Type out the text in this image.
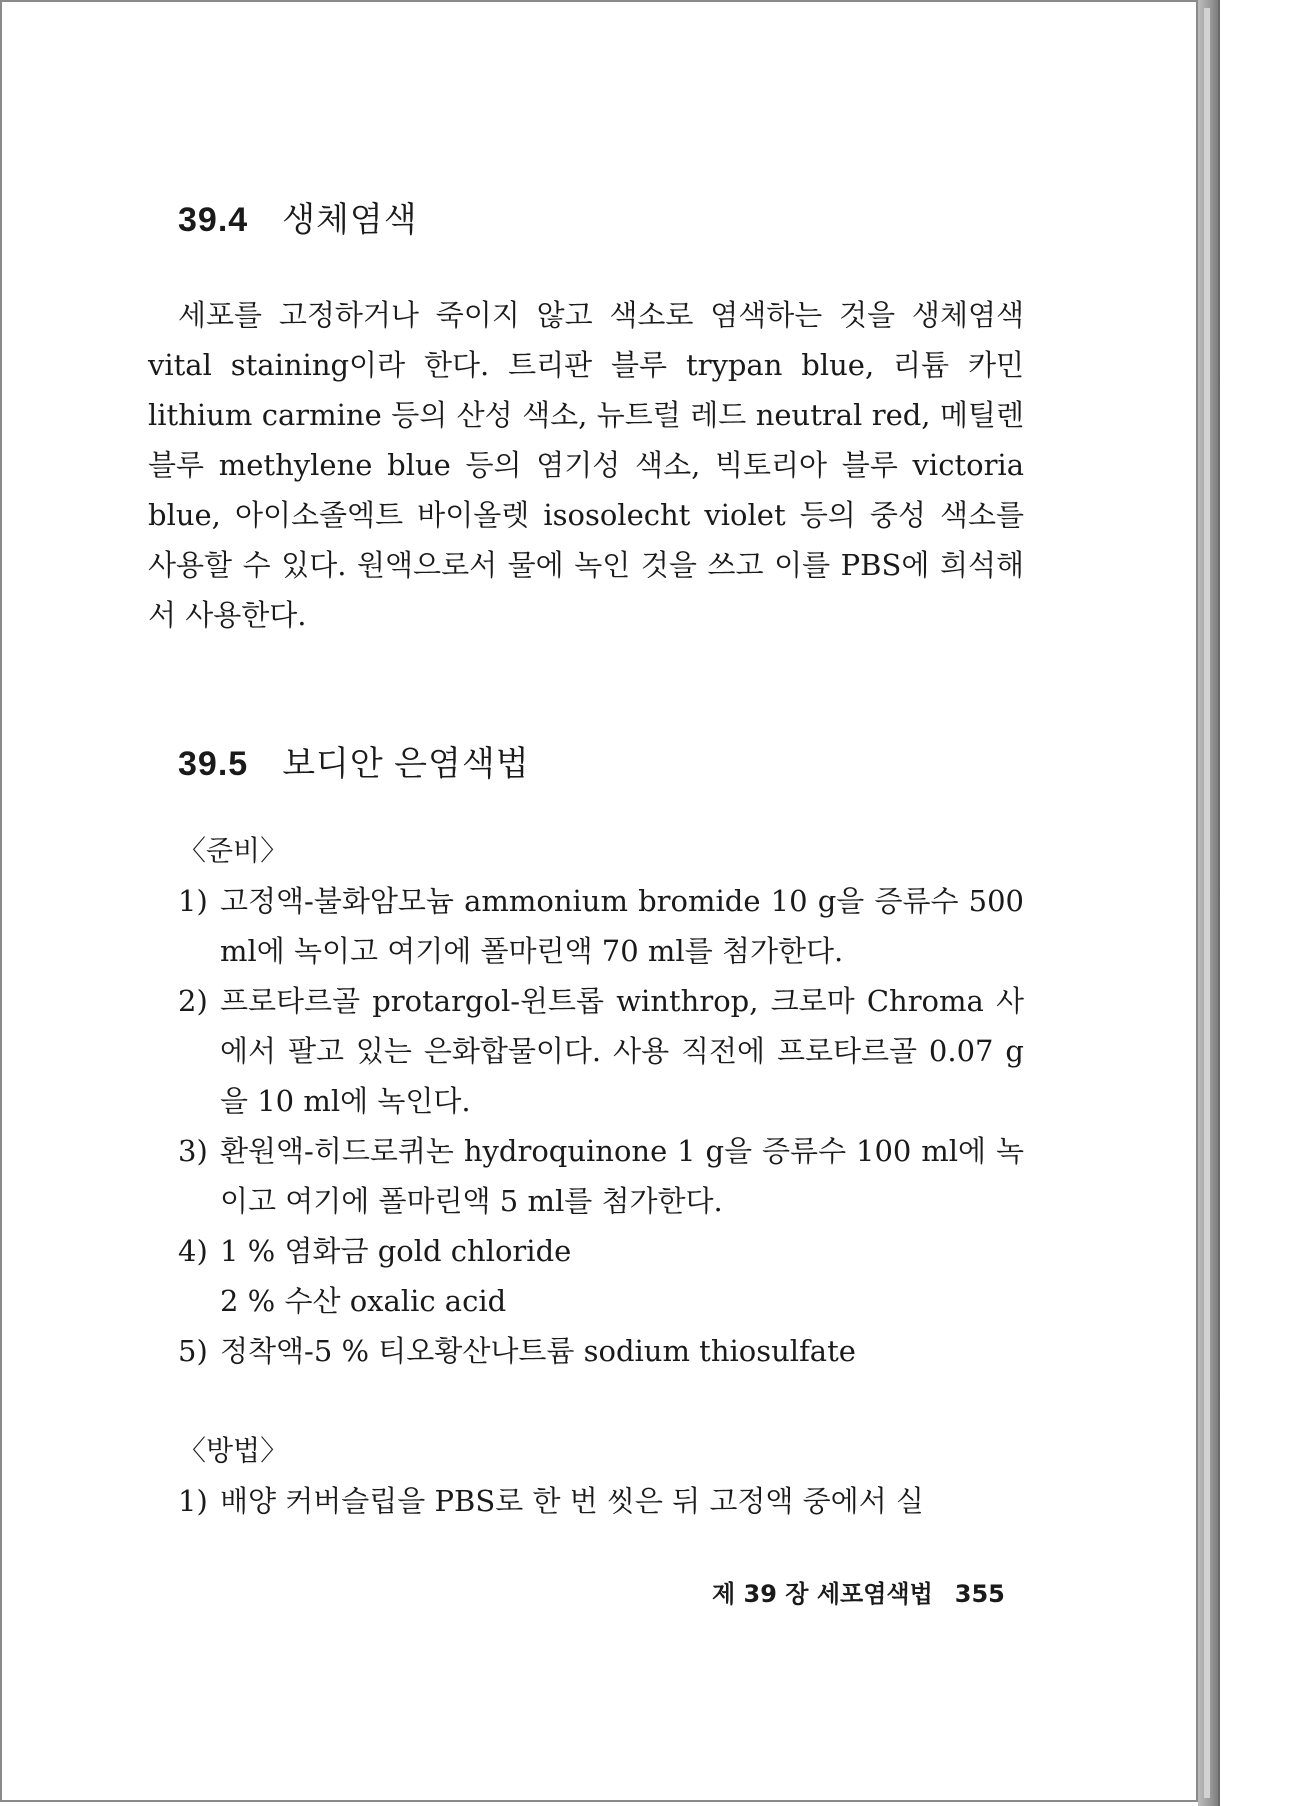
39.4 생체염색

세포를 고정하거나 죽이지 않고 색소로 염색하는 것을 생체염색 vital staining이라 한다. 트리판 블루 trypan blue, 리튬 카민 lithium carmine 등의 산성 색소, 뉴트럴 레드 neutral red, 메틸렌 블루 methylene blue 등의 염기성 색소, 빅토리아 블루 victoria blue, 아이소졸엑트 바이올렛 isosolecht violet 등의 중성 색소를 사용할 수 있다. 원액으로서 물에 녹인 것을 쓰고 이를 PBS에 희석해서 사용한다.

39.5 보디안 은염색법

〈준비〉

1) 고정액-불화암모늄 ammonium bromide 10 g을 증류수 500 ml에 녹이고 여기에 폴마린액 70 ml를 첨가한다.

2) 프로타르골 protargol-윈트롭 winthrop, 크로마 Chroma 사에서 팔고 있는 은화합물이다. 사용 직전에 프로타르골 0.07 g을 10 ml에 녹인다.

3) 환원액-히드로퀴논 hydroquinone 1 g을 증류수 100 ml에 녹이고 여기에 폴마린액 5 ml를 첨가한다.

4) 1 % 염화금 gold chloride

2 % 수산 oxalic acid

5) 정착액-5 % 티오황산나트륨 sodium thiosulfate

〈방법〉

1) 배양 커버슬립을 PBS로 한 번 씻은 뒤 고정액 중에서 실

제 39 장 세포염색법 355
